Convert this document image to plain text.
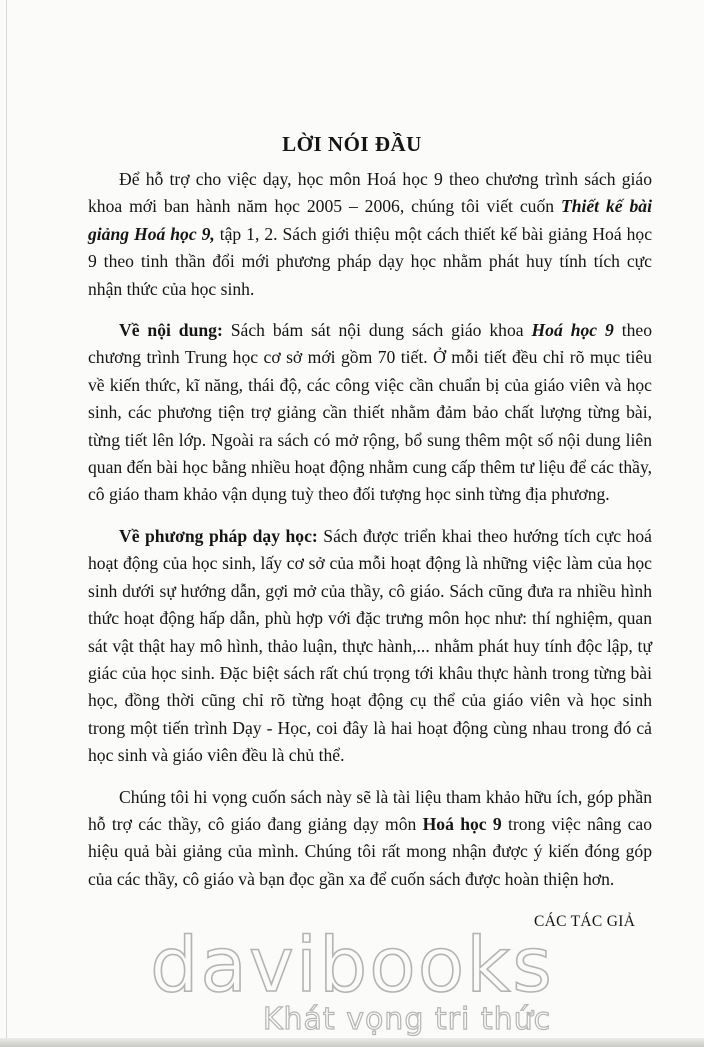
LỜI NÓI ĐẦU

Để hỗ trợ cho việc dạy, học môn Hoá học 9 theo chương trình sách giáo khoa mới ban hành năm học 2005 – 2006, chúng tôi viết cuốn Thiết kế bài giảng Hoá học 9, tập 1, 2. Sách giới thiệu một cách thiết kế bài giảng Hoá học 9 theo tinh thần đổi mới phương pháp dạy học nhằm phát huy tính tích cực nhận thức của học sinh.

Về nội dung: Sách bám sát nội dung sách giáo khoa Hoá học 9 theo chương trình Trung học cơ sở mới gồm 70 tiết. Ở mỗi tiết đều chỉ rõ mục tiêu về kiến thức, kĩ năng, thái độ, các công việc cần chuẩn bị của giáo viên và học sinh, các phương tiện trợ giảng cần thiết nhằm đảm bảo chất lượng từng bài, từng tiết lên lớp. Ngoài ra sách có mở rộng, bổ sung thêm một số nội dung liên quan đến bài học bằng nhiều hoạt động nhằm cung cấp thêm tư liệu để các thầy, cô giáo tham khảo vận dụng tuỳ theo đối tượng học sinh từng địa phương.

Về phương pháp dạy học: Sách được triển khai theo hướng tích cực hoá hoạt động của học sinh, lấy cơ sở của mỗi hoạt động là những việc làm của học sinh dưới sự hướng dẫn, gợi mở của thầy, cô giáo. Sách cũng đưa ra nhiều hình thức hoạt động hấp dẫn, phù hợp với đặc trưng môn học như: thí nghiệm, quan sát vật thật hay mô hình, thảo luận, thực hành,... nhằm phát huy tính độc lập, tự giác của học sinh. Đặc biệt sách rất chú trọng tới khâu thực hành trong từng bài học, đồng thời cũng chỉ rõ từng hoạt động cụ thể của giáo viên và học sinh trong một tiến trình Dạy - Học, coi đây là hai hoạt động cùng nhau trong đó cả học sinh và giáo viên đều là chủ thể.

Chúng tôi hi vọng cuốn sách này sẽ là tài liệu tham khảo hữu ích, góp phần hỗ trợ các thầy, cô giáo đang giảng dạy môn Hoá học 9 trong việc nâng cao hiệu quả bài giảng của mình. Chúng tôi rất mong nhận được ý kiến đóng góp của các thầy, cô giáo và bạn đọc gần xa để cuốn sách được hoàn thiện hơn.

CÁC TÁC GIẢ
davibooks
Khát vọng tri thức
